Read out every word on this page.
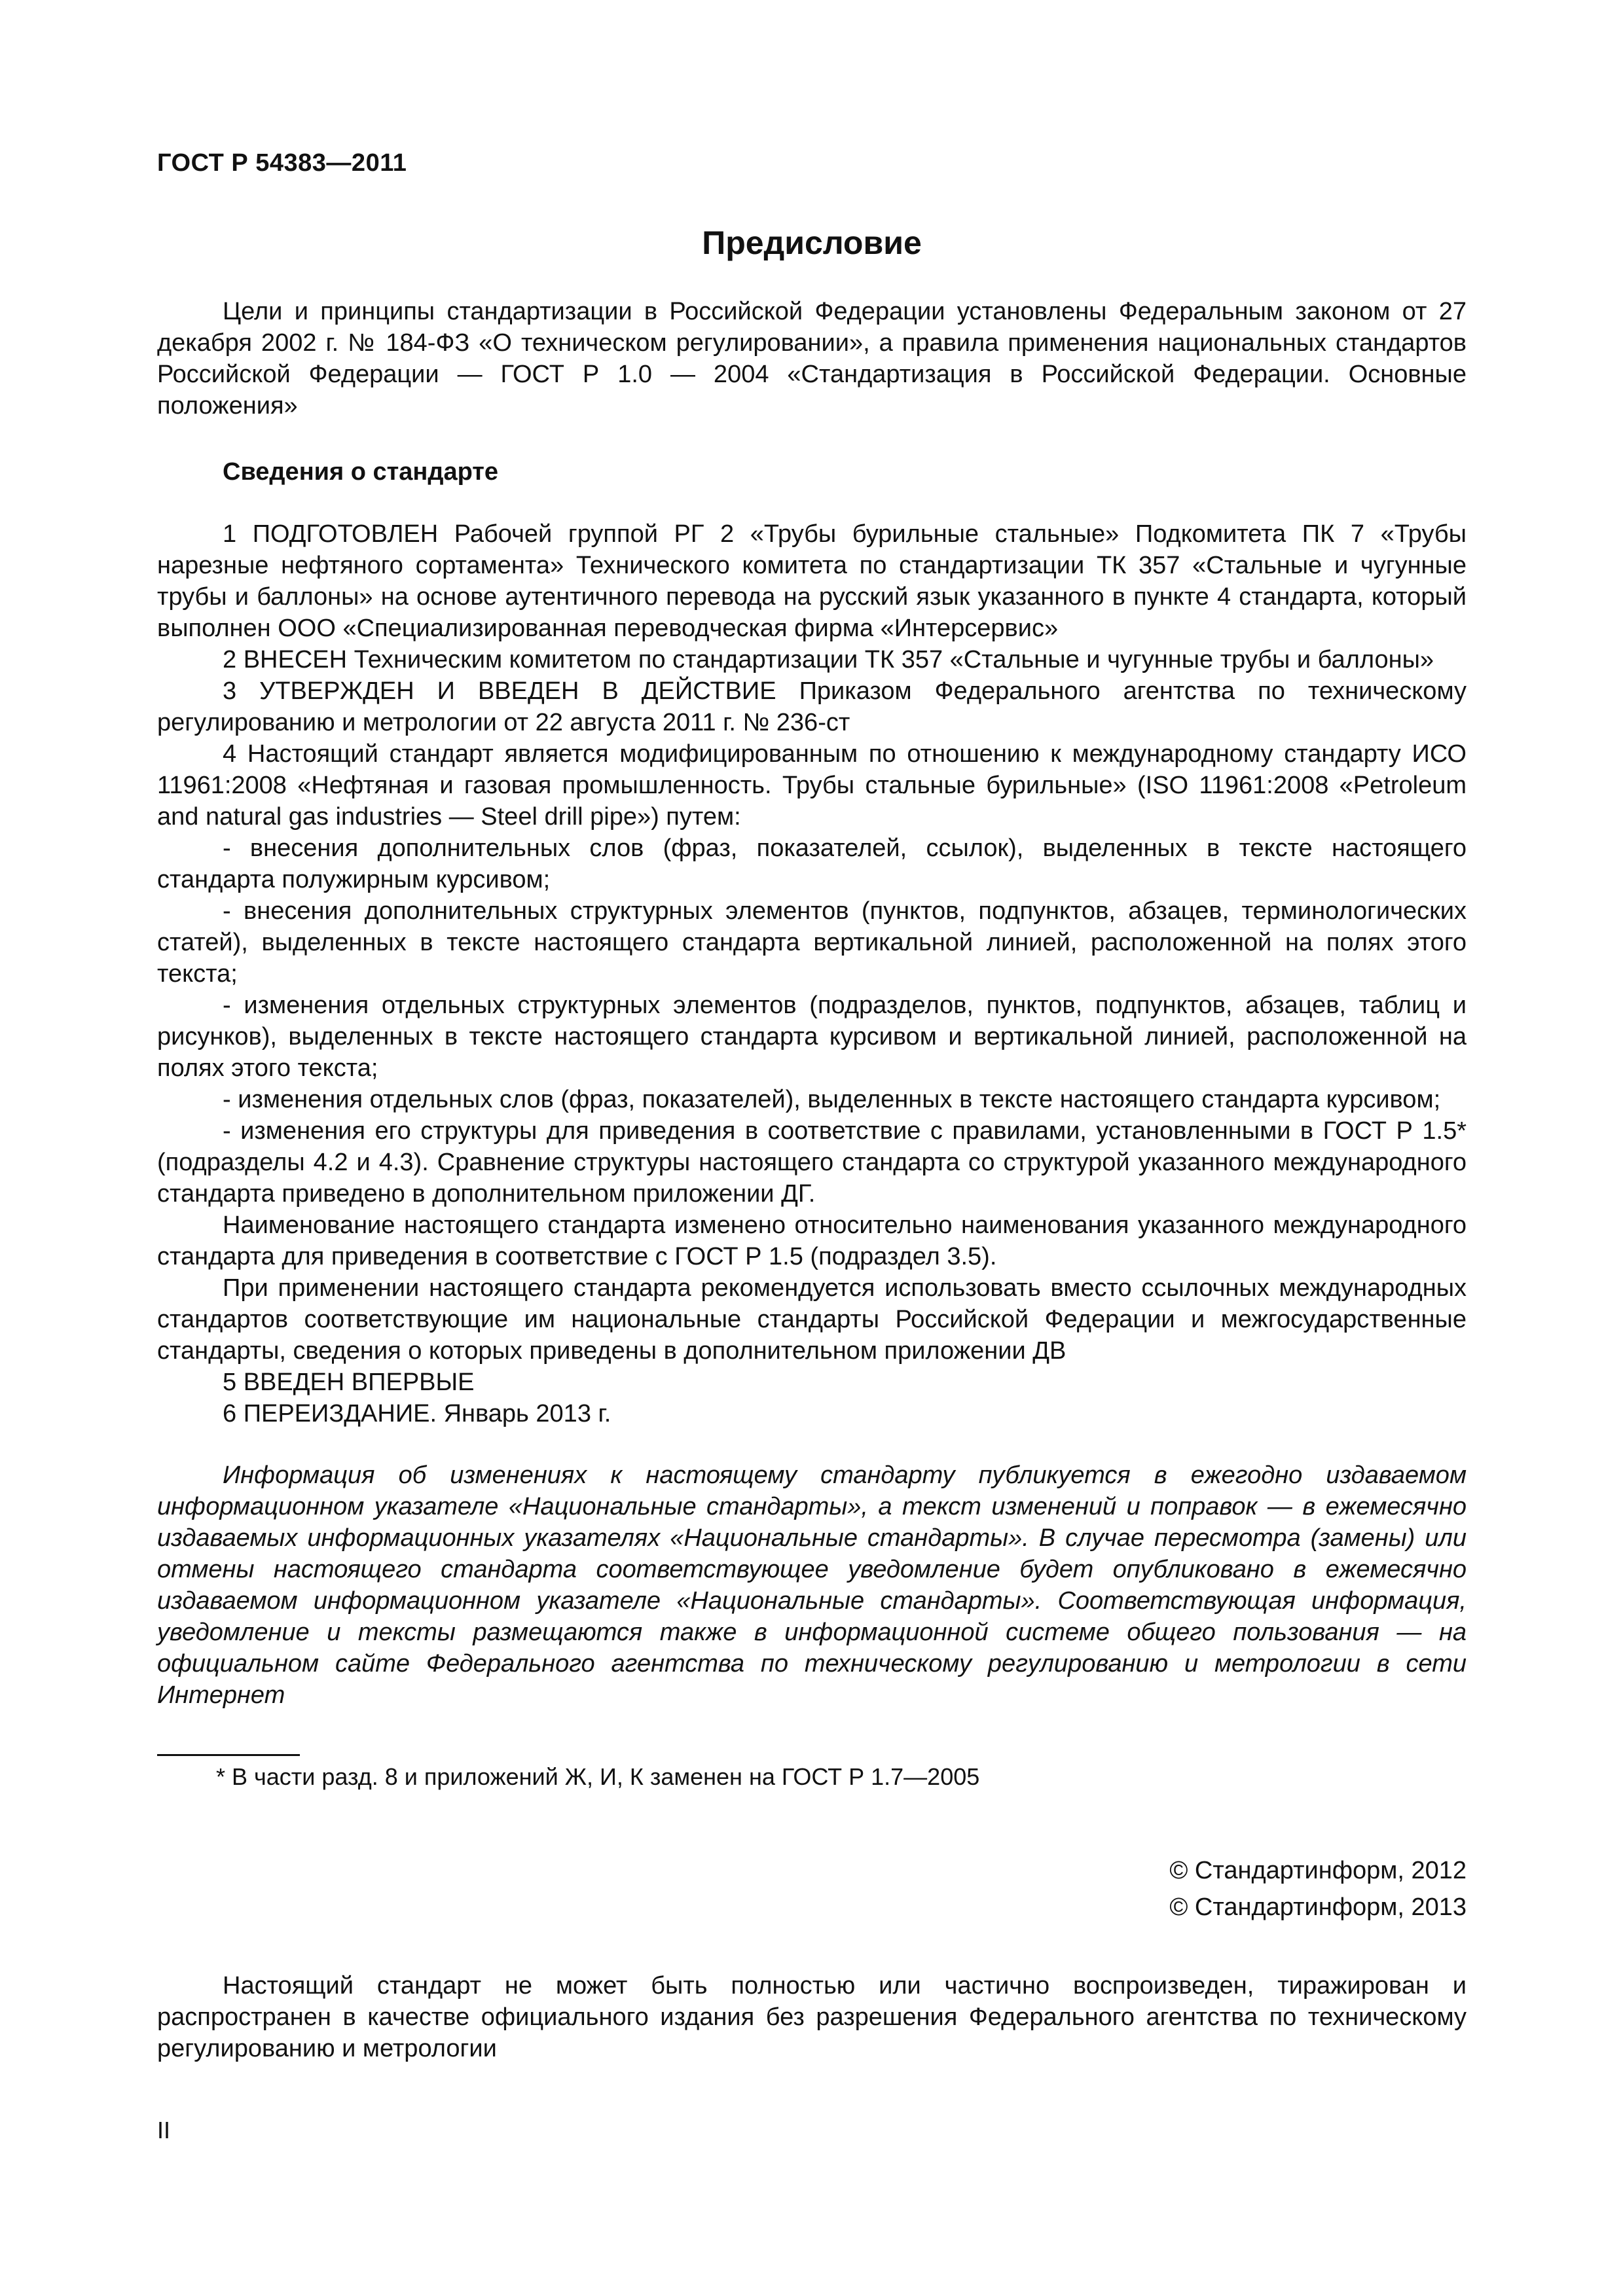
ГОСТ Р 54383—2011
Предисловие

Цели и принципы стандартизации в Российской Федерации установлены Федеральным законом от 27 декабря 2002 г. № 184-ФЗ «О техническом регулировании», а правила применения национальных стандартов Российской Федерации — ГОСТ Р 1.0 — 2004 «Стандартизация в Российской Федерации. Основные положения»

Сведения о стандарте

1 ПОДГОТОВЛЕН Рабочей группой РГ 2 «Трубы бурильные стальные» Подкомитета ПК 7 «Трубы нарезные нефтяного сортамента» Технического комитета по стандартизации ТК 357 «Стальные и чугунные трубы и баллоны» на основе аутентичного перевода на русский язык указанного в пункте 4 стандарта, который выполнен ООО «Специализированная переводческая фирма «Интерсервис»

2 ВНЕСЕН Техническим комитетом по стандартизации ТК 357 «Стальные и чугунные трубы и баллоны»

3 УТВЕРЖДЕН И ВВЕДЕН В ДЕЙСТВИЕ Приказом Федерального агентства по техническому регулированию и метрологии от 22 августа 2011 г. № 236-ст

4 Настоящий стандарт является модифицированным по отношению к международному стандарту ИСО 11961:2008 «Нефтяная и газовая промышленность. Трубы стальные бурильные» (ISO 11961:2008 «Petroleum and natural gas industries — Steel drill pipe») путем:

- внесения дополнительных слов (фраз, показателей, ссылок), выделенных в тексте настоящего стандарта полужирным курсивом;

- внесения дополнительных структурных элементов (пунктов, подпунктов, абзацев, терминологических статей), выделенных в тексте настоящего стандарта вертикальной линией, расположенной на полях этого текста;

- изменения отдельных структурных элементов (подразделов, пунктов, подпунктов, абзацев, таблиц и рисунков), выделенных в тексте настоящего стандарта курсивом и вертикальной линией, расположенной на полях этого текста;

- изменения отдельных слов (фраз, показателей), выделенных в тексте настоящего стандарта курсивом;

- изменения его структуры для приведения в соответствие с правилами, установленными в ГОСТ Р 1.5* (подразделы 4.2 и 4.3). Сравнение структуры настоящего стандарта со структурой указанного международного стандарта приведено в дополнительном приложении ДГ.

Наименование настоящего стандарта изменено относительно наименования указанного международного стандарта для приведения в соответствие с ГОСТ Р 1.5 (подраздел 3.5).

При применении настоящего стандарта рекомендуется использовать вместо ссылочных международных стандартов соответствующие им национальные стандарты Российской Федерации и межгосударственные стандарты, сведения о которых приведены в дополнительном приложении ДВ

5 ВВЕДЕН ВПЕРВЫЕ

6 ПЕРЕИЗДАНИЕ. Январь 2013 г.

Информация об изменениях к настоящему стандарту публикуется в ежегодно издаваемом информационном указателе «Национальные стандарты», а текст изменений и поправок — в ежемесячно издаваемых информационных указателях «Национальные стандарты». В случае пересмотра (замены) или отмены настоящего стандарта соответствующее уведомление будет опубликовано в ежемесячно издаваемом информационном указателе «Национальные стандарты». Соответствующая информация, уведомление и тексты размещаются также в информационной системе общего пользования — на официальном сайте Федерального агентства по техническому регулированию и метрологии в сети Интернет

* В части разд. 8 и приложений Ж, И, К заменен на ГОСТ Р 1.7—2005
© Стандартинформ, 2012
© Стандартинформ, 2013

Настоящий стандарт не может быть полностью или частично воспроизведен, тиражирован и распространен в качестве официального издания без разрешения Федерального агентства по техническому регулированию и метрологии

II
